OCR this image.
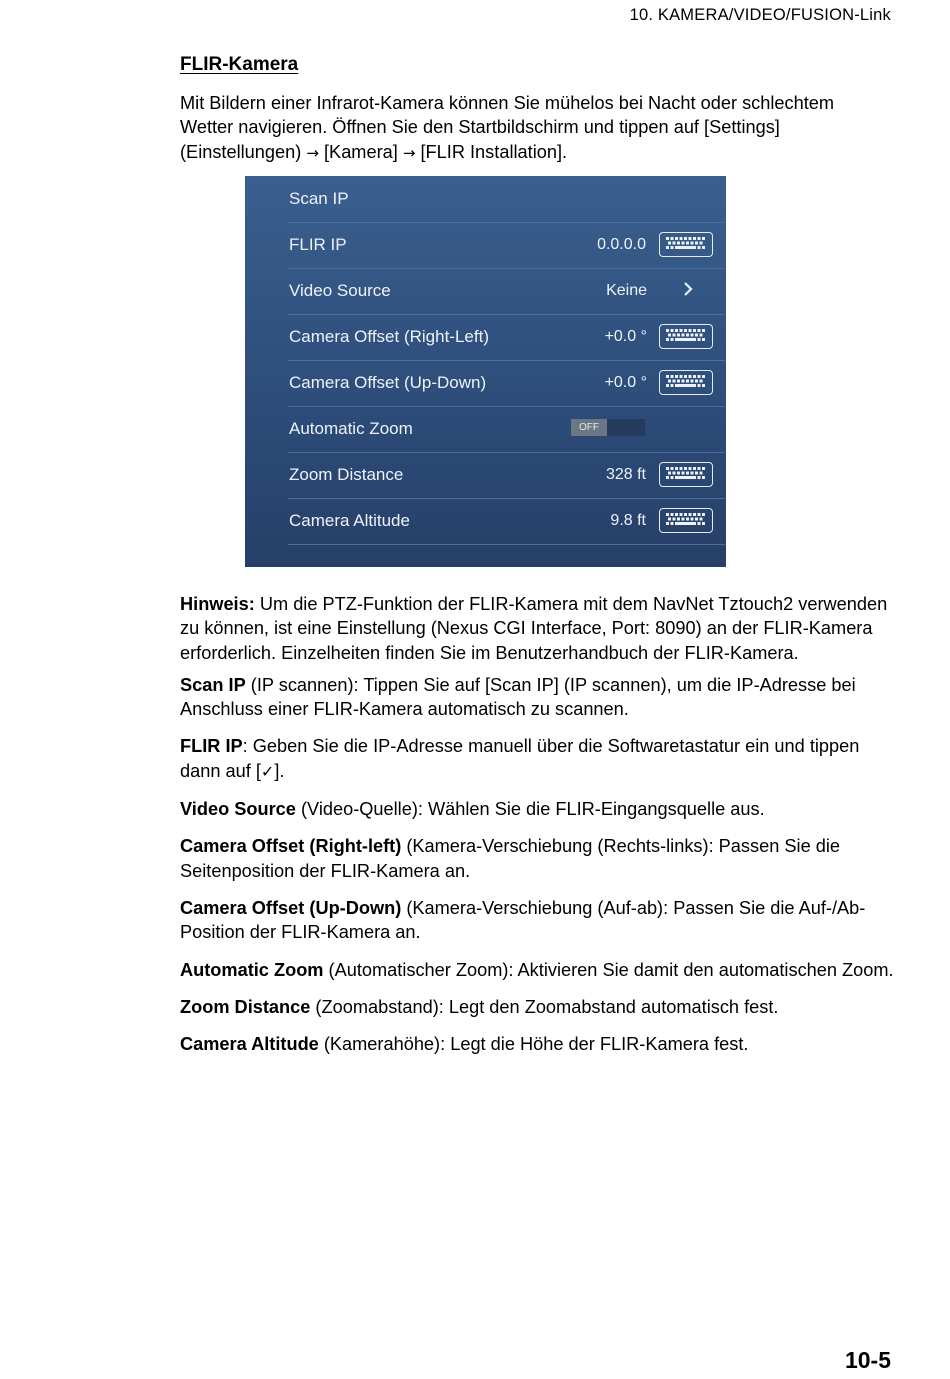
10. KAMERA/VIDEO/FUSION-Link
FLIR-Kamera

Mit Bildern einer Infrarot-Kamera können Sie mühelos bei Nacht oder schlechtem Wetter navigieren. Öffnen Sie den Startbildschirm und tippen auf [Settings] (Einstellungen) → [Kamera] → [FLIR Installation].

Scan IP
FLIR IP	0.0.0.0
Video Source	Keine
Camera Offset (Right-Left)	+0.0 °
Camera Offset (Up-Down)	+0.0 °
Automatic Zoom	OFF
Zoom Distance	328 ft
Camera Altitude	9.8 ft

Hinweis: Um die PTZ-Funktion der FLIR-Kamera mit dem NavNet Tztouch2 verwenden zu können, ist eine Einstellung (Nexus CGI Interface, Port: 8090) an der FLIR-Kamera erforderlich. Einzelheiten finden Sie im Benutzerhandbuch der FLIR-Kamera.

Scan IP (IP scannen): Tippen Sie auf [Scan IP] (IP scannen), um die IP-Adresse bei Anschluss einer FLIR-Kamera automatisch zu scannen.

FLIR IP: Geben Sie die IP-Adresse manuell über die Softwaretastatur ein und tippen dann auf [✓].

Video Source (Video-Quelle): Wählen Sie die FLIR-Eingangsquelle aus.

Camera Offset (Right-left) (Kamera-Verschiebung (Rechts-links): Passen Sie die Seitenposition der FLIR-Kamera an.

Camera Offset (Up-Down) (Kamera-Verschiebung (Auf-ab): Passen Sie die Auf-/Ab-Position der FLIR-Kamera an.

Automatic Zoom (Automatischer Zoom): Aktivieren Sie damit den automatischen Zoom.

Zoom Distance (Zoomabstand): Legt den Zoomabstand automatisch fest.

Camera Altitude (Kamerahöhe): Legt die Höhe der FLIR-Kamera fest.

10-5
